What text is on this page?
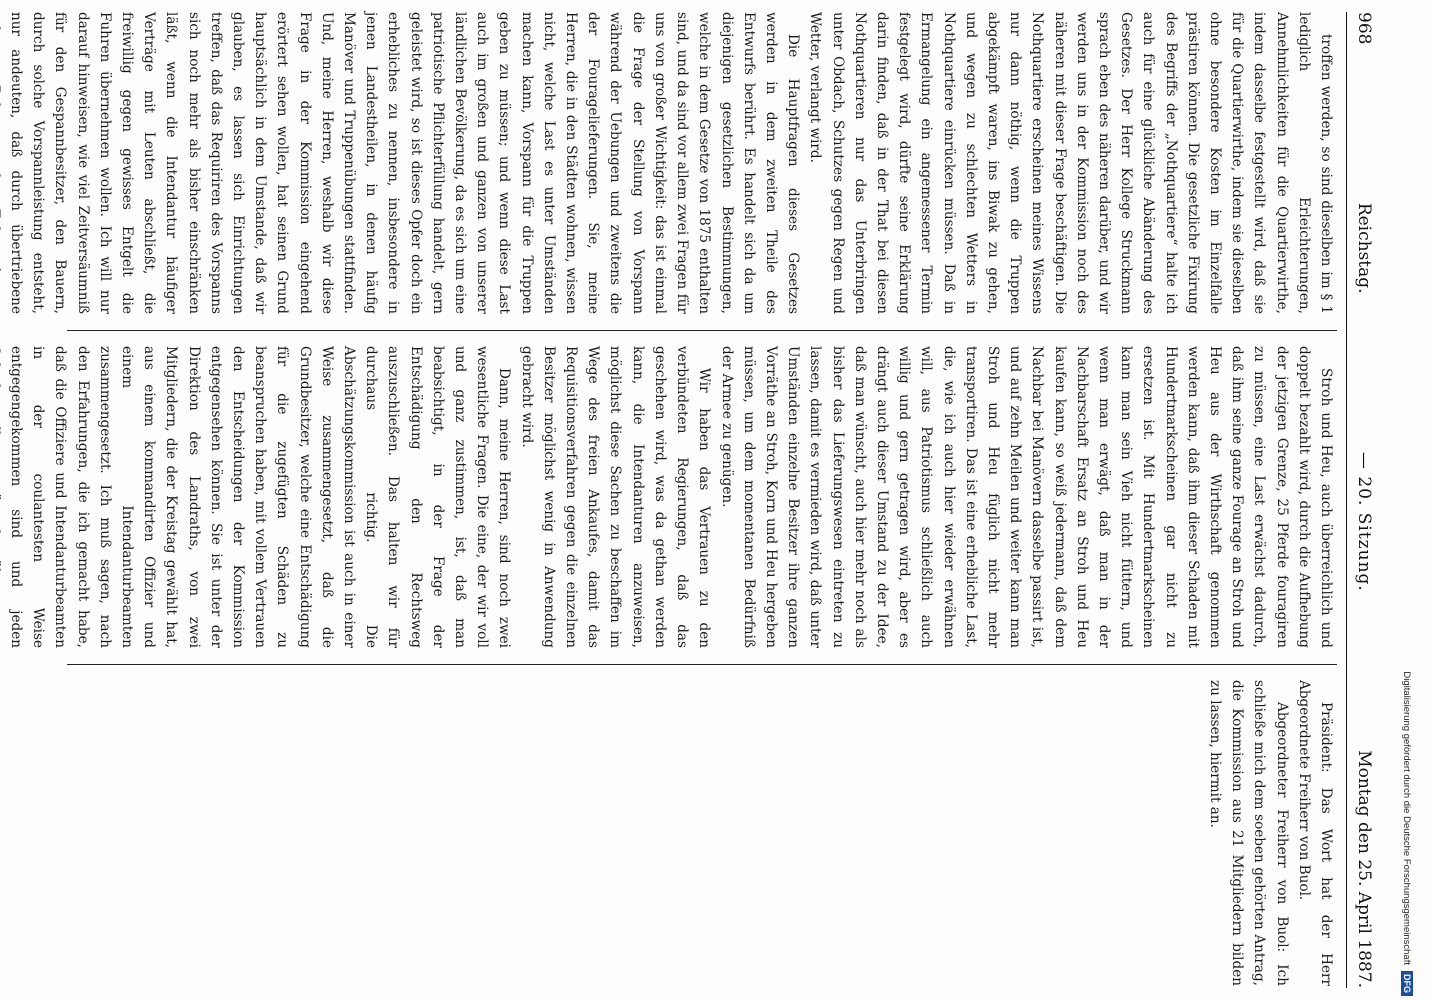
968
Reichstag.
— 20. Sitzung.
Montag den 25. April 1887.

troffen werden, so sind dieselben im § 1 lediglich Erleichterungen, Annehmlichkeiten für die Quartierwirthe, indem dasselbe festgestellt wird, daß sie für die Quartierwirthe, indem sie dieselben ohne besondere Kosten im Einzelfalle prästiren können. Die gesetzliche Fixirung des Begriffs der „Nothquartiere“ halte ich auch für eine glückliche Abänderung des Gesetzes. Der Herr Kollege Struckmann sprach eben des näheren darüber, und wir werden uns in der Kommission noch des näheren mit dieser Frage beschäftigen. Die Nothquartiere erscheinen meines Wissens nur dann nöthig, wenn die Truppen abgekämpft waren, ins Biwak zu gehen, und wegen zu schlechten Wetters in Nothquartiere einrücken müssen. Daß in Ermangelung ein angemessener Termin festgelegt wird, dürfte seine Erklärung darin finden, daß in der That bei diesen Nothquartieren nur das Unterbringen unter Obdach, Schutzes gegen Regen und Wetter, verlangt wird.

Die Hauptfragen dieses Gesetzes werden in dem zweiten Theile des Entwurfs berührt. Es handelt sich da um diejenigen gesetzlichen Bestimmungen, welche in dem Gesetze von 1875 enthalten sind, und da sind vor allem zwei Fragen für uns von großer Wichtigkeit: das ist einmal die Frage der Stellung von Vorspann während der Uebungen und zweitens die der Fouragelieferungen. Sie, meine Herren, die in den Städten wohnen, wissen nicht, welche Last es unter Umständen machen kann, Vorspann für die Truppen geben zu müssen; und wenn diese Last auch im großen und ganzen von unserer ländlichen Bevölkerung, da es sich um eine patriotische Pflichterfüllung handelt, gern geleistet wird, so ist dieses Opfer doch ein erhebliches zu nennen, insbesondere in jenen Landestheilen, in denen häufig Manöver und Truppenübungen stattfinden. Und, meine Herren, weshalb wir diese Frage in der Kommission eingehend erörtert sehen wollen, hat seinen Grund hauptsächlich in dem Umstande, daß wir glauben, es lassen sich Einrichtungen treffen, daß das Requiriren des Vorspanns sich noch mehr als bisher einschränken läßt, wenn die Intendantur häufiger Verträge mit Leuten abschließt, die freiwillig gegen gewisses Entgelt die Fuhren übernehmen wollen. Ich will nur darauf hinweisen, wie viel Zeitversäumniß für den Gespannbesitzer, den Bauern, durch solche Vorspannleistung entsteht, nur andeuten, daß durch übertriebene

Stroh und Heu, auch überreichlich und doppelt bezahlt wird, durch die Aufhebung der jetzigen Grenze, 25 Pferde fouragiren zu müssen, eine Last erwächst dadurch, daß ihm seine ganze Fourage an Stroh und Heu aus der Wirthschaft genommen werden kann, daß ihm dieser Schaden mit Hundertmarkscheinen gar nicht zu ersetzen ist. Mit Hundertmarkscheinen kann man sein Vieh nicht füttern, und wenn man erwägt, daß man in der Nachbarschaft Ersatz an Stroh und Heu kaufen kann, so weiß jedermann, daß dem Nachbar bei Manövern dasselbe passirt ist, und auf zehn Meilen und weiter kann man Stroh und Heu füglich nicht mehr transportiren. Das ist eine erhebliche Last, die, wie ich auch hier wieder erwähnen will, aus Patriotismus schließlich auch willig und gern getragen wird, aber es drängt auch dieser Umstand zu der Idee, daß man wünscht, auch hier mehr noch als bisher das Lieferungswesen eintreten zu lassen, damit es vermieden wird, daß unter Umständen einzelne Besitzer ihre ganzen Vorräthe an Stroh, Korn und Heu hergeben müssen, um dem momentanen Bedürfniß der Armee zu genügen.

Wir haben das Vertrauen zu den verbündeten Regierungen, daß das geschehen wird, was da gethan werden kann, die Intendanturen anzuweisen, möglichst diese Sachen zu beschaffen im Wege des freien Ankaufes, damit das Requisitionsverfahren gegen die einzelnen Besitzer möglichst wenig in Anwendung gebracht wird.

Dann, meine Herren, sind noch zwei wesentliche Fragen. Die eine, der wir voll und ganz zustimmen, ist, daß man beabsichtigt, in der Frage der Entschädigung den Rechtsweg auszuschließen. Das halten wir für durchaus richtig. Die Abschätzungskommission ist auch in einer Weise zusammengesetzt, daß die Grundbesitzer, welche eine Entschädigung für die zugefügten Schäden zu beanspruchen haben, mit vollem Vertrauen den Entscheidungen der Kommission entgegensehen können. Sie ist unter der Direktion des Landraths, von zwei Mitgliedern, die der Kreistag gewählt hat, aus einem kommandirten Offizier und einem Intendanturbeamten zusammengesetzt. Ich muß sagen, nach den Erfahrungen, die ich gemacht habe, daß die Offiziere und Intendanturbeamten in der coulantesten Weise entgegengekommen sind und jeden

Präsident: Das Wort hat der Herr Abgeordnete Freiherr von Buol.

Abgeordneter Freiherr von Buol: Ich schließe mich dem soeben gehörten Antrag, die Kommission aus 21 Mitgliedern bilden zu lassen, hiermit an.	Digitalisierung gefördert durch die Deutsche Forschungsgemeinschaft
DFG
